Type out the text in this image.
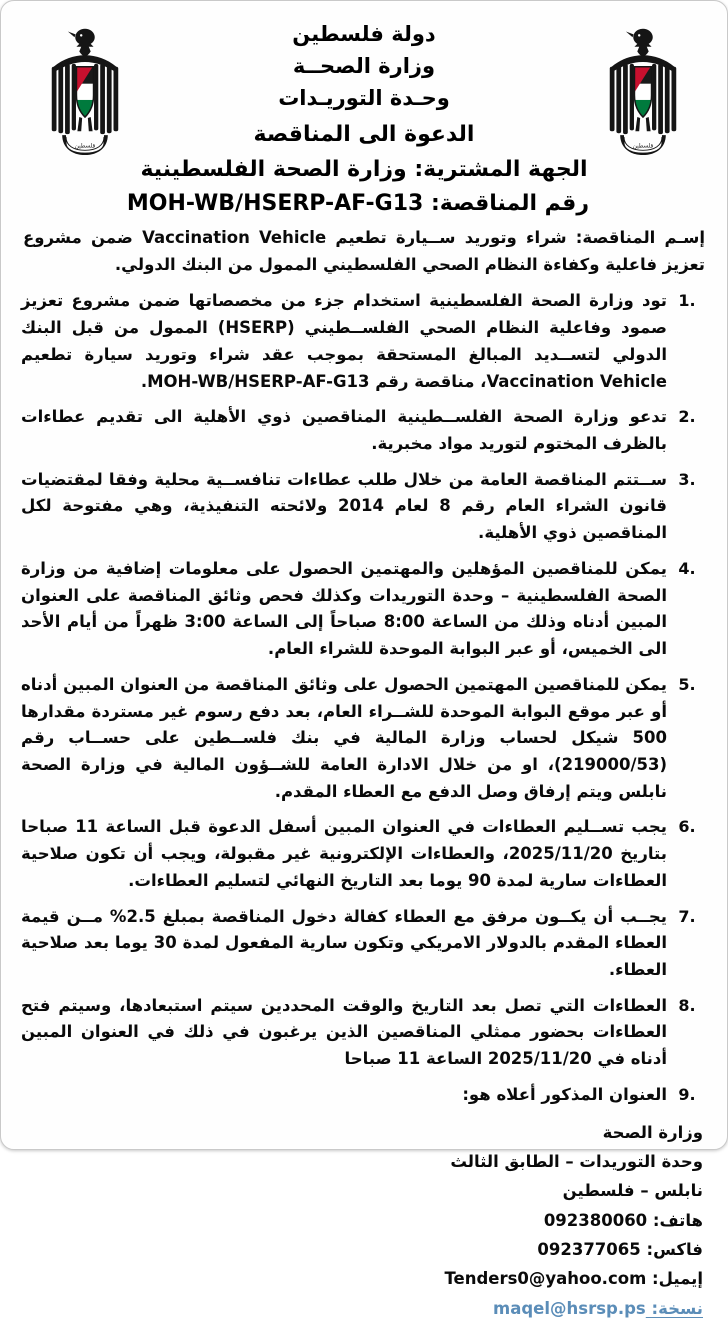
فلسطين	فلسطين
دولة فلسطين
وزارة الصحــة
وحـدة التوريـدات
الدعوة الى المناقصة
الجهة المشترية: وزارة الصحة الفلسطينية
رقم المناقصة: MOH-WB/HSERP-AF-G13
إسـم المناقصة: شراء وتوريد ســيارة تطعيم Vaccination Vehicle ضمن مشروع تعزيز فاعلية وكفاءة النظام الصحي الفلسطيني الممول من البنك الدولي.
1.
تود وزارة الصحة الفلسطينية استخدام جزء من مخصصاتها ضمن مشروع تعزيز صمود وفاعلية النظام الصحي الفلســطيني (HSERP) الممول من قبل البنك الدولي لتســديد المبالغ المستحقة بموجب عقد شراء وتوريد سيارة تطعيم Vaccination Vehicle، مناقصة رقم MOH-WB/HSERP-AF-G13.
2.
تدعو وزارة الصحة الفلســطينية المناقصين ذوي الأهلية الى تقديم عطاءات بالظرف المختوم لتوريد مواد مخبرية.
3.
ســتتم المناقصة العامة من خلال طلب عطاءات تنافســية محلية وفقا لمقتضيات قانون الشراء العام رقم 8 لعام 2014 ولائحته التنفيذية، وهي مفتوحة لكل المناقصين ذوي الأهلية.
4.
يمكن للمناقصين المؤهلين والمهتمين الحصول على معلومات إضافية من وزارة الصحة الفلسطينية – وحدة التوريدات وكذلك فحص وثائق المناقصة على العنوان المبين أدناه وذلك من الساعة 8:00 صباحاً إلى الساعة 3:00 ظهراً من أيام الأحد الى الخميس، أو عبر البوابة الموحدة للشراء العام.
5.
يمكن للمناقصين المهتمين الحصول على وثائق المناقصة من العنوان المبين أدناه أو عبر موقع البوابة الموحدة للشــراء العام، بعد دفع رسوم غير مستردة مقدارها 500 شيكل لحساب وزارة المالية في بنك فلســطين على حســاب رقم (219000/53)، او من خلال الادارة العامة للشــؤون المالية في وزارة الصحة نابلس ويتم إرفاق وصل الدفع مع العطاء المقدم.
6.
يجب تســليم العطاءات في العنوان المبين أسفل الدعوة قبل الساعة 11 صباحا بتاريخ 2025/11/20، والعطاءات الإلكترونية غير مقبولة، ويجب أن تكون صلاحية العطاءات سارية لمدة 90 يوما بعد التاريخ النهائي لتسليم العطاءات.
7.
يجــب أن يكــون مرفق مع العطاء كفالة دخول المناقصة بمبلغ 2.5% مــن قيمة العطاء المقدم بالدولار الامريكي وتكون سارية المفعول لمدة 30 يوما بعد صلاحية العطاء.
8.
العطاءات التي تصل بعد التاريخ والوقت المحددين سيتم استبعادها، وسيتم فتح العطاءات بحضور ممثلي المناقصين الذين يرغبون في ذلك في العنوان المبين أدناه في 2025/11/20 الساعة 11 صباحا
9.
العنوان المذكور أعلاه هو:
وزارة الصحة
وحدة التوريدات – الطابق الثالث
نابلس – فلسطين
هاتف: 092380060
فاكس: 092377065
إيميل: Tenders0@yahoo.com
نسخة: maqel@hsrsp.ps
